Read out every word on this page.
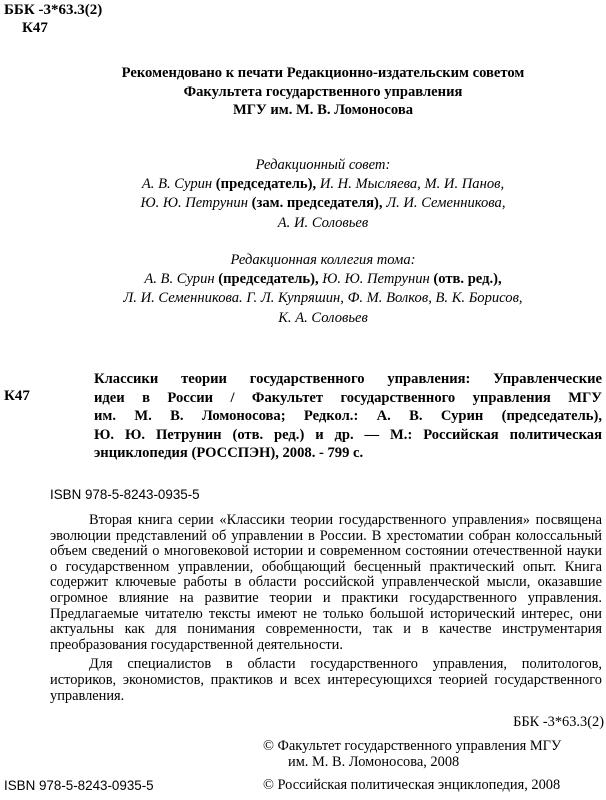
ББК -3*63.3(2)
К47
Рекомендовано к печати Редакционно-издательским советом
Факультета государственного управления
МГУ им. М. В. Ломоносова
Редакционный совет:
А. В. Сурин (председатель), И. Н. Мысляева, М. И. Панов,
Ю. Ю. Петрунин (зам. председателя), Л. И. Семенникова,
А. И. Соловьев
Редакционная коллегия тома:
А. В. Сурин (председатель), Ю. Ю. Петрунин (отв. ред.),
Л. И. Семенникова. Г. Л. Купряшин, Ф. М. Волков, В. К. Борисов,
К. А. Соловьев
К47
Классики теории государственного управления: Управленческие
идеи в России / Факультет государственного управления МГУ
им. М. В. Ломоносова; Редкол.: А. В. Сурин (председатель),
Ю. Ю. Петрунин (отв. ред.) и др. — М.: Российская политическая
энциклопедия (РОССПЭН), 2008. - 799 с.
ISBN 978-5-8243-0935-5
Вторая книга серии «Классики теории государственного управления» посвящена эволюции представлений об управлении в России. В хрестоматии собран колоссальный объем сведений о многовековой истории и современном состоянии отечественной науки о государственном управлении, обобщающий бесценный практический опыт. Книга содержит ключевые работы в области российской управленческой мысли, оказавшие огромное влияние на развитие теории и практики государственного управления. Предлагаемые читателю тексты имеют не только большой исторический интерес, они актуальны как для понимания современности, так и в качестве инструментария преобразования государственной деятельности.
Для специалистов в области государственного управления, политологов, историков, экономистов, практиков и всех интересующихся теорией государственного управления.
ББК -3*63.3(2)
© Факультет государственного управления МГУ
им. М. В. Ломоносова, 2008
© Российская политическая энциклопедия, 2008
ISBN 978-5-8243-0935-5
